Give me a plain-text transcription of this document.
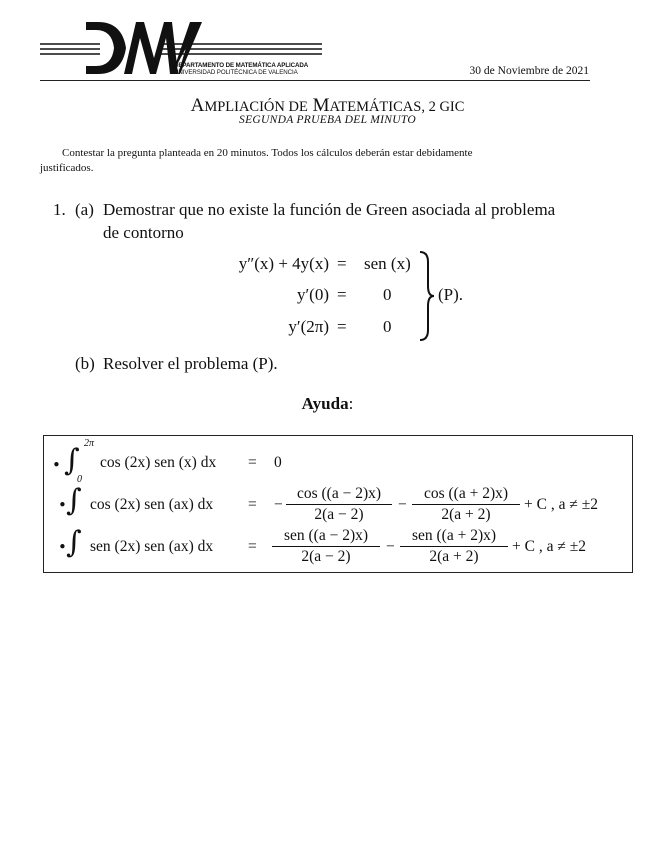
DEPARTAMENTO DE MATEMÁTICA APLICADA
UNIVERSIDAD POLITÉCNICA DE VALENCIA	30 de Noviembre de 2021
AMPLIACIÓN DE MATEMÁTICAS, 2 GIC
SEGUNDA PRUEBA DEL MINUTO
Contestar la pregunta planteada en 20 minutos. Todos los cálculos deberán estar debidamente
justificados.
1. (a) Demostrar que no existe la función de Green asociada al problema
de contorno
y″(x) + 4y(x) = sen (x)
y′(0) = 0
y′(2π) = 0
(P).
(b) Resolver el problema (P).
Ayuda:
• ∫ 2π
0
cos (2x) sen (x) dx = 0
• ∫ cos (2x) sen (ax) dx = − $\frac{\cos ((a - 2)x)}{2(a - 2)} - \frac{\cos ((a + 2)x)}{2(a + 2)} + C$ , a ≠ ±2
• ∫ sen (2x) sen (ax) dx =
sen ((a − 2)x)
2(a − 2)
−
sen ((a + 2)x)
2(a + 2)
+ C , a ≠ ±2
